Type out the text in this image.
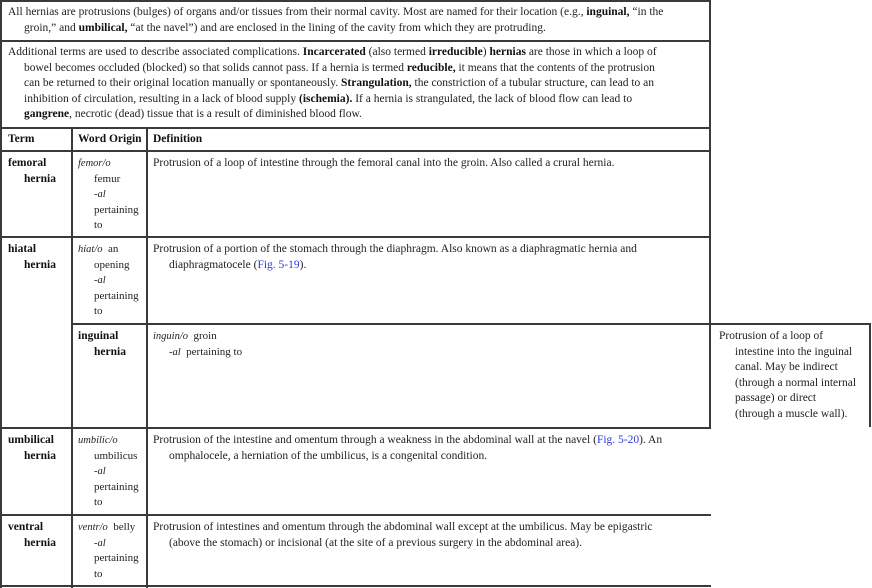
All hernias are protrusions (bulges) of organs and/or tissues from their normal cavity. Most are named for their location (e.g., inguinal, “in the
groin,” and umbilical, “at the navel”) and are enclosed in the lining of the cavity from which they are protruding.
Additional terms are used to describe associated complications. Incarcerated (also termed irreducible) hernias are those in which a loop of
bowel becomes occluded (blocked) so that solids cannot pass. If a hernia is termed reducible, it means that the contents of the protrusion
can be returned to their original location manually or spontaneously. Strangulation, the constriction of a tubular structure, can lead to an
inhibition of circulation, resulting in a lack of blood supply (ischemia). If a hernia is strangulated, the lack of blood flow can lead to
gangrene, necrotic (dead) tissue that is a result of diminished blood flow.
Term	Word Origin Definition
femoral
hernia
femor/o
femur
-al
pertaining
to
Protrusion of a loop of intestine through the femoral canal into the groin. Also called a crural hernia.
hiatal
hernia
hiat/o an
opening
-al
pertaining
to
Protrusion of a portion of the stomach through the diaphragm. Also known as a diaphragmatic hernia and
diaphragmatocele (Fig. 5-19).
inguinal
hernia
inguin/o groin
-al pertaining to
Protrusion of a loop of
intestine into the inguinal
canal. May be indirect
(through a normal internal
passage) or direct
(through a muscle wall).
umbilical
hernia
umbilic/o
umbilicus
-al
pertaining
to
Protrusion of the intestine and omentum through a weakness in the abdominal wall at the navel (Fig. 5-20). An
omphalocele, a herniation of the umbilicus, is a congenital condition.
ventral
hernia
ventr/o belly
-al
pertaining
to
Protrusion of intestines and omentum through the abdominal wall except at the umbilicus. May be epigastric
(above the stomach) or incisional (at the site of a previous surgery in the abdominal area).
